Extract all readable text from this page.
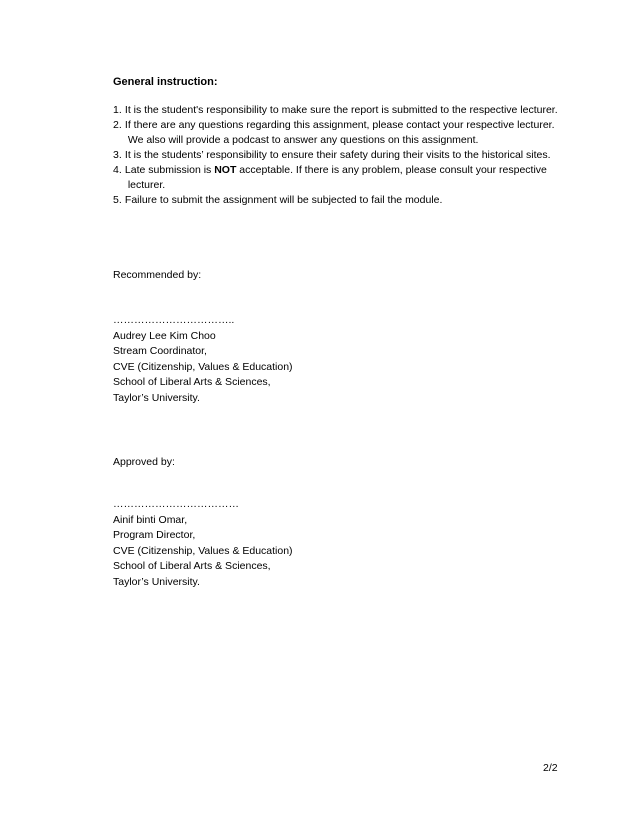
General instruction:
1. It is the student's responsibility to make sure the report is submitted to the respective lecturer.
2. If there are any questions regarding this assignment, please contact your respective lecturer.
We also will provide a podcast to answer any questions on this assignment.
3. It is the students’ responsibility to ensure their safety during their visits to the historical sites.
4. Late submission is NOT acceptable. If there is any problem, please consult your respective
lecturer.
5. Failure to submit the assignment will be subjected to fail the module.
Recommended by:
……………………………..
Audrey Lee Kim Choo
Stream Coordinator,
CVE (Citizenship, Values & Education)
School of Liberal Arts & Sciences,
Taylor’s University.
Approved by:
………………………………
Ainif binti Omar,
Program Director,
CVE (Citizenship, Values & Education)
School of Liberal Arts & Sciences,
Taylor’s University.
2/2
